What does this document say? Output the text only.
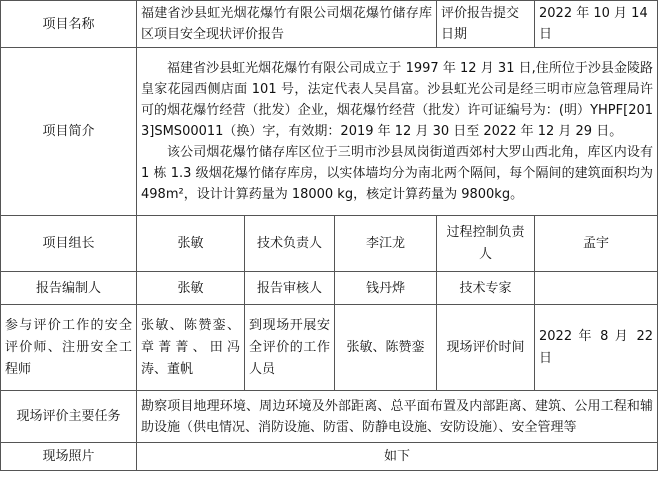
项目名称	福建省沙县虹光烟花爆竹有限公司烟花爆竹储存库区项目安全现状评价报告			评价报告提交日期	2022 年 10 月 14 日
项目简介	福建省沙县虹光烟花爆竹有限公司成立于 1997 年 12 月 31 日,住所位于沙县金陵路皇家花园西侧店面 101 号，法定代表人吴昌富。沙县虹光公司是经三明市应急管理局许可的烟花爆竹经营（批发）企业，烟花爆竹经营（批发）许可证编号为：(明）YHPF[2013]SMS00011（换）字，有效期：2019 年 12 月 30 日至 2022 年 12 月 29 日。

该公司烟花爆竹储存库区位于三明市沙县凤岗街道西郊村大罗山西北角，库区内设有 1 栋 1.3 级烟花爆竹储存库房，以实体墙均分为南北两个隔间，每个隔间的建筑面积均为 498m²，设计计算药量为 18000 kg，核定计算药量为 9800kg。				

项目组长	张敏	技术负责人	李江龙	过程控制负责人	孟宇
报告编制人	张敏	报告审核人	钱丹烨	技术专家	
参与评价工作的安全评价师、注册安全工程师	张敏、陈赞銮、章菁菁、田冯涛、董帆	到现场开展安全评价的工作人员	张敏、陈赞銮	现场评价时间	2022 年 8 月 22 日
现场评价主要任务	勘察项目地理环境、周边环境及外部距离、总平面布置及内部距离、建筑、公用工程和辅助设施（供电情况、消防设施、防雷、防静电设施、安防设施）、安全管理等				
现场照片	如下				
